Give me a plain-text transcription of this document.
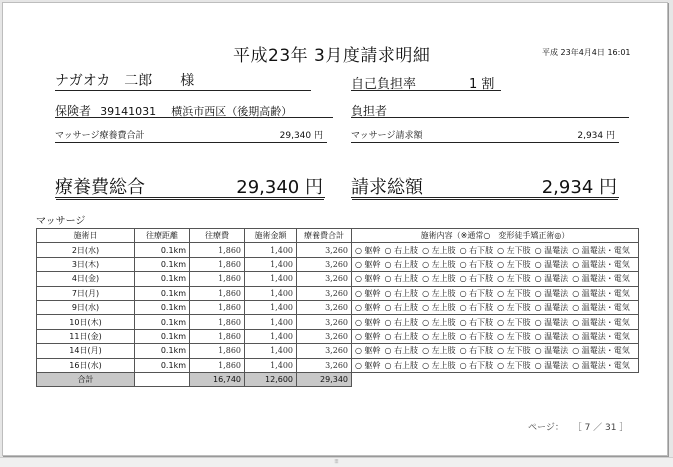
平成23年 3月度請求明細	平成 23年4月4日 16:01
ナガオカ　二郎　　様	自己負担率	1 割
保険者 39141031 横浜市西区（後期高齢）	負担者
マッサージ療養費合計	29,340 円	マッサージ請求額	2,934 円
療養費総合	29,340 円 請求総額	2,934 円
マッサージ
施術日	往療距離	往療費	施術金額	療養費合計	施術内容（※通常○　変形徒手矯正術◎）
2日(水)	0.1km	1,860	1,400	3,260	○ 躯幹 ○ 右上肢 ○ 左上肢 ○ 右下肢 ○ 左下肢 ○ 温罨法 ○ 温罨法・電気
3日(木)	0.1km	1,860	1,400	3,260	○ 躯幹 ○ 右上肢 ○ 左上肢 ○ 右下肢 ○ 左下肢 ○ 温罨法 ○ 温罨法・電気
4日(金)	0.1km	1,860	1,400	3,260	○ 躯幹 ○ 右上肢 ○ 左上肢 ○ 右下肢 ○ 左下肢 ○ 温罨法 ○ 温罨法・電気
7日(月)	0.1km	1,860	1,400	3,260	○ 躯幹 ○ 右上肢 ○ 左上肢 ○ 右下肢 ○ 左下肢 ○ 温罨法 ○ 温罨法・電気
9日(水)	0.1km	1,860	1,400	3,260	○ 躯幹 ○ 右上肢 ○ 左上肢 ○ 右下肢 ○ 左下肢 ○ 温罨法 ○ 温罨法・電気
10日(木)	0.1km	1,860	1,400	3,260	○ 躯幹 ○ 右上肢 ○ 左上肢 ○ 右下肢 ○ 左下肢 ○ 温罨法 ○ 温罨法・電気
11日(金)	0.1km	1,860	1,400	3,260	○ 躯幹 ○ 右上肢 ○ 左上肢 ○ 右下肢 ○ 左下肢 ○ 温罨法 ○ 温罨法・電気
14日(月)	0.1km	1,860	1,400	3,260	○ 躯幹 ○ 右上肢 ○ 左上肢 ○ 右下肢 ○ 左下肢 ○ 温罨法 ○ 温罨法・電気
16日(水)	0.1km	1,860	1,400	3,260	○ 躯幹 ○ 右上肢 ○ 左上肢 ○ 右下肢 ○ 左下肢 ○ 温罨法 ○ 温罨法・電気
合計		16,740	12,600	29,340	
ページ： ［ 7 ／ 31 ］
⦙⦙⦙
